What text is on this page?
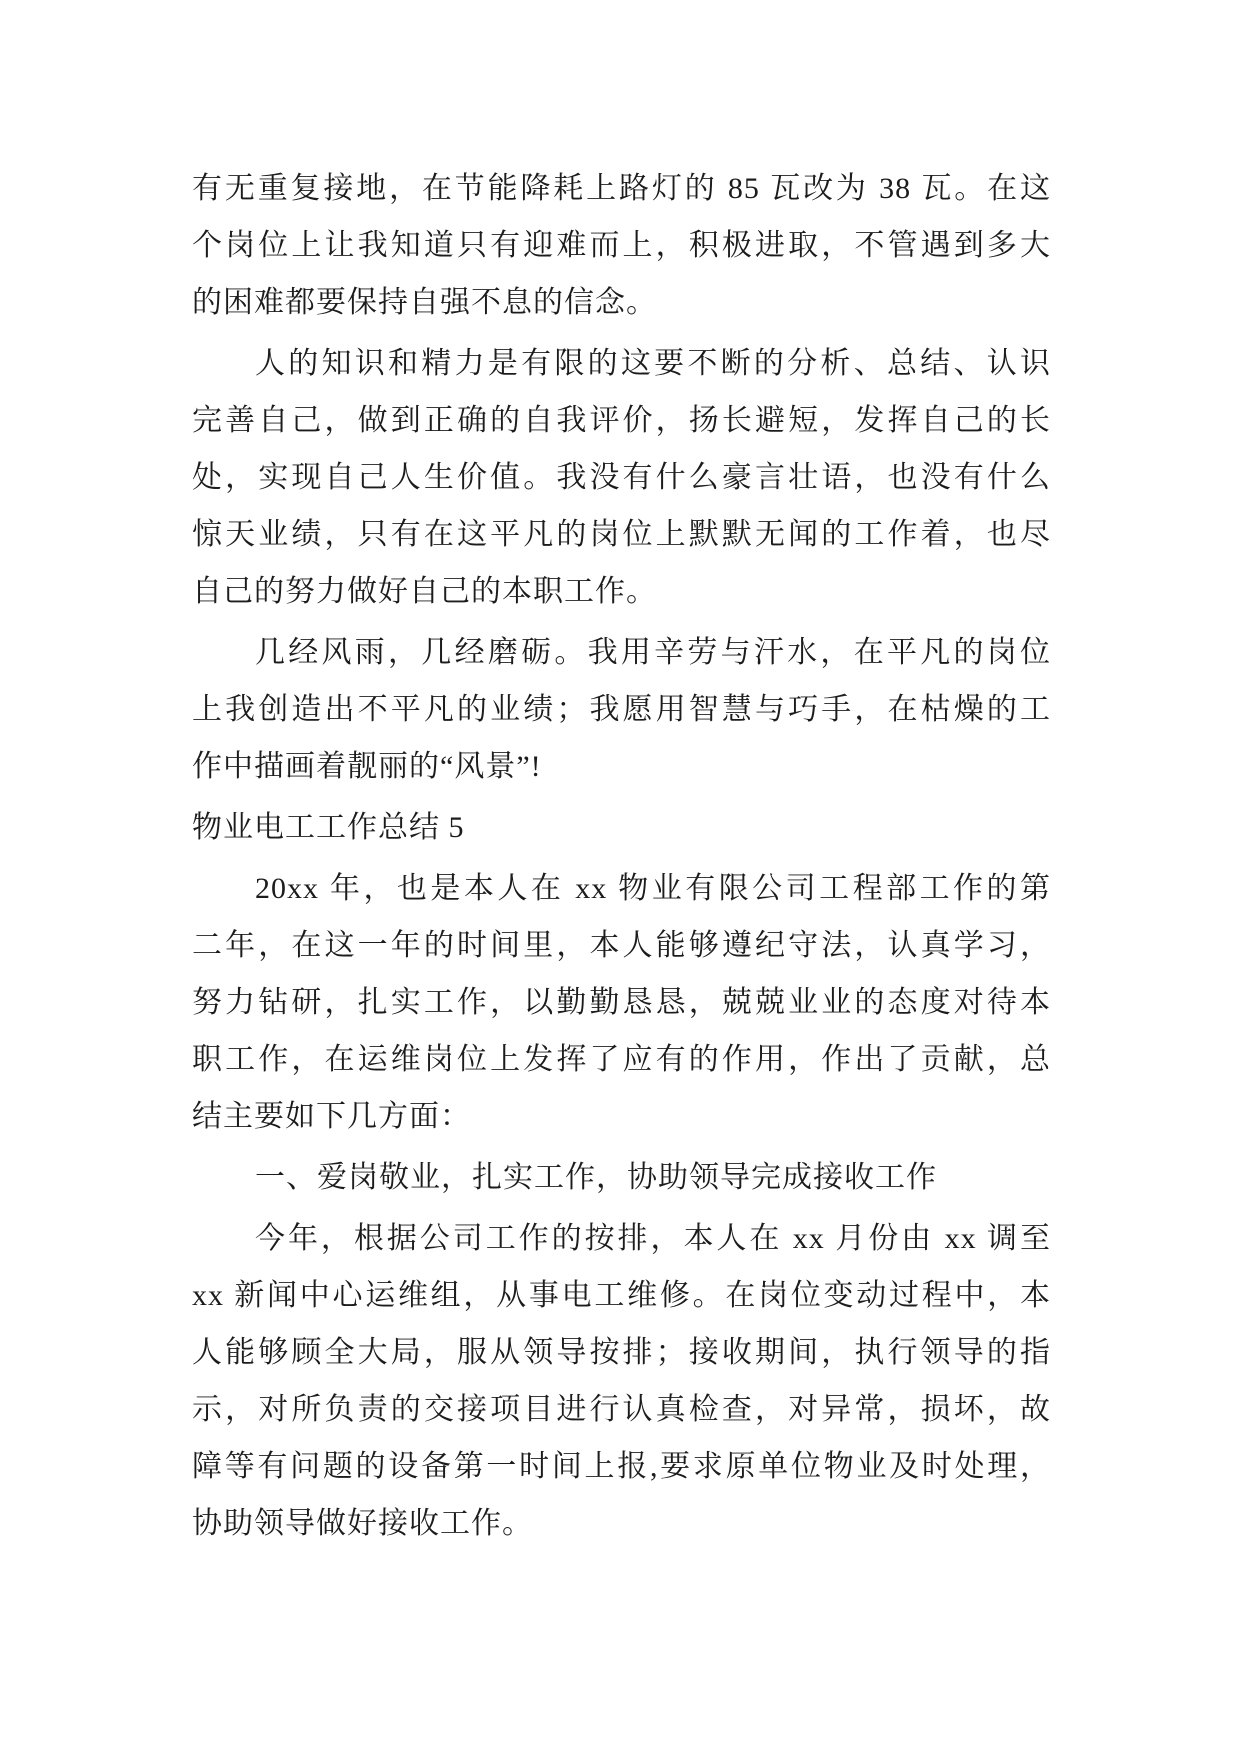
有无重复接地，在节能降耗上路灯的 85 瓦改为 38 瓦。在这
个岗位上让我知道只有迎难而上，积极进取，不管遇到多大
的困难都要保持自强不息的信念。

人的知识和精力是有限的这要不断的分析、总结、认识
完善自己，做到正确的自我评价，扬长避短，发挥自己的长
处，实现自己人生价值。我没有什么豪言壮语，也没有什么
惊天业绩，只有在这平凡的岗位上默默无闻的工作着，也尽
自己的努力做好自己的本职工作。

几经风雨，几经磨砺。我用辛劳与汗水，在平凡的岗位
上我创造出不平凡的业绩；我愿用智慧与巧手，在枯燥的工
作中描画着靓丽的“风景”!

物业电工工作总结 5

20xx 年，也是本人在 xx 物业有限公司工程部工作的第
二年，在这一年的时间里，本人能够遵纪守法，认真学习，
努力钻研，扎实工作，以勤勤恳恳，兢兢业业的态度对待本
职工作，在运维岗位上发挥了应有的作用，作出了贡献，总
结主要如下几方面：

一、爱岗敬业，扎实工作，协助领导完成接收工作

今年，根据公司工作的按排，本人在 xx 月份由 xx 调至
xx 新闻中心运维组，从事电工维修。在岗位变动过程中，本
人能够顾全大局，服从领导按排；接收期间，执行领导的指
示，对所负责的交接项目进行认真检查，对异常，损坏，故
障等有问题的设备第一时间上报,要求原单位物业及时处理，
协助领导做好接收工作。
